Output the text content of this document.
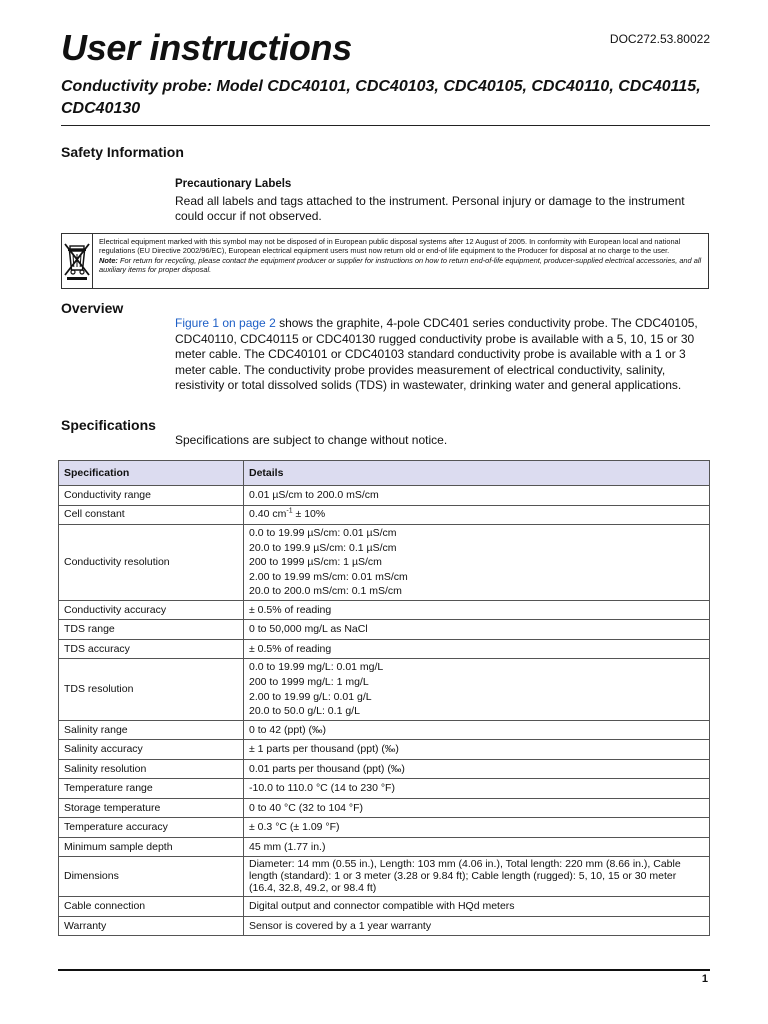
User instructions	DOC272.53.80022
Conductivity probe: Model CDC40101, CDC40103, CDC40105, CDC40110, CDC40115, CDC40130
Safety Information
Precautionary Labels
Read all labels and tags attached to the instrument. Personal injury or damage to the instrument could occur if not observed.
Electrical equipment marked with this symbol may not be disposed of in European public disposal systems after 12 August of 2005. In conformity with European local and national regulations (EU Directive 2002/96/EC), European electrical equipment users must now return old or end-of life equipment to the Producer for disposal at no charge to the user.
Note: For return for recycling, please contact the equipment producer or supplier for instructions on how to return end-of-life equipment, producer-supplied electrical accessories, and all auxiliary items for proper disposal.
Overview
Figure 1 on page 2 shows the graphite, 4-pole CDC401 series conductivity probe. The CDC40105, CDC40110, CDC40115 or CDC40130 rugged conductivity probe is available with a 5, 10, 15 or 30 meter cable. The CDC40101 or CDC40103 standard conductivity probe is available with a 1 or 3 meter cable. The conductivity probe provides measurement of electrical conductivity, salinity, resistivity or total dissolved solids (TDS) in wastewater, drinking water and general applications.
Specifications
Specifications are subject to change without notice.
Specification	Details
Conductivity range	0.01 µS/cm to 200.0 mS/cm

Cell constant	0.40 $cm^{-1} \pm 10\%$

Conductivity resolution	0.0 to 19.99 µS/cm: 0.01 µS/cm
20.0 to 199.9 µS/cm: 0.1 µS/cm
200 to 1999 µS/cm: 1 µS/cm
2.00 to 19.99 mS/cm: 0.01 mS/cm
20.0 to 200.0 mS/cm: 0.1 mS/cm

Conductivity accuracy	± 0.5% of reading

TDS range	0 to 50,000 mg/L as NaCl

TDS accuracy	± 0.5% of reading

TDS resolution	0.0 to 19.99 mg/L: 0.01 mg/L
200 to 1999 mg/L: 1 mg/L
2.00 to 19.99 g/L: 0.01 g/L
20.0 to 50.0 g/L: 0.1 g/L

Salinity range	0 to 42 (ppt) (‰)

Salinity accuracy	± 1 parts per thousand (ppt) (‰)

Salinity resolution	0.01 parts per thousand (ppt) (‰)

Temperature range	-10.0 to 110.0 °C (14 to 230 °F)

Storage temperature	0 to 40 °C (32 to 104 °F)

Temperature accuracy	± 0.3 °C (± 1.09 °F)

Minimum sample depth	45 mm (1.77 in.)

Dimensions	Diameter: 14 mm (0.55 in.), Length: 103 mm (4.06 in.), Total length: 220 mm (8.66 in.), Cable length (standard): 1 or 3 meter (3.28 or 9.84 ft); Cable length (rugged): 5, 10, 15 or 30 meter (16.4, 32.8, 49.2, or 98.4 ft)

Cable connection	Digital output and connector compatible with HQd meters

Warranty	Sensor is covered by a 1 year warranty
1
